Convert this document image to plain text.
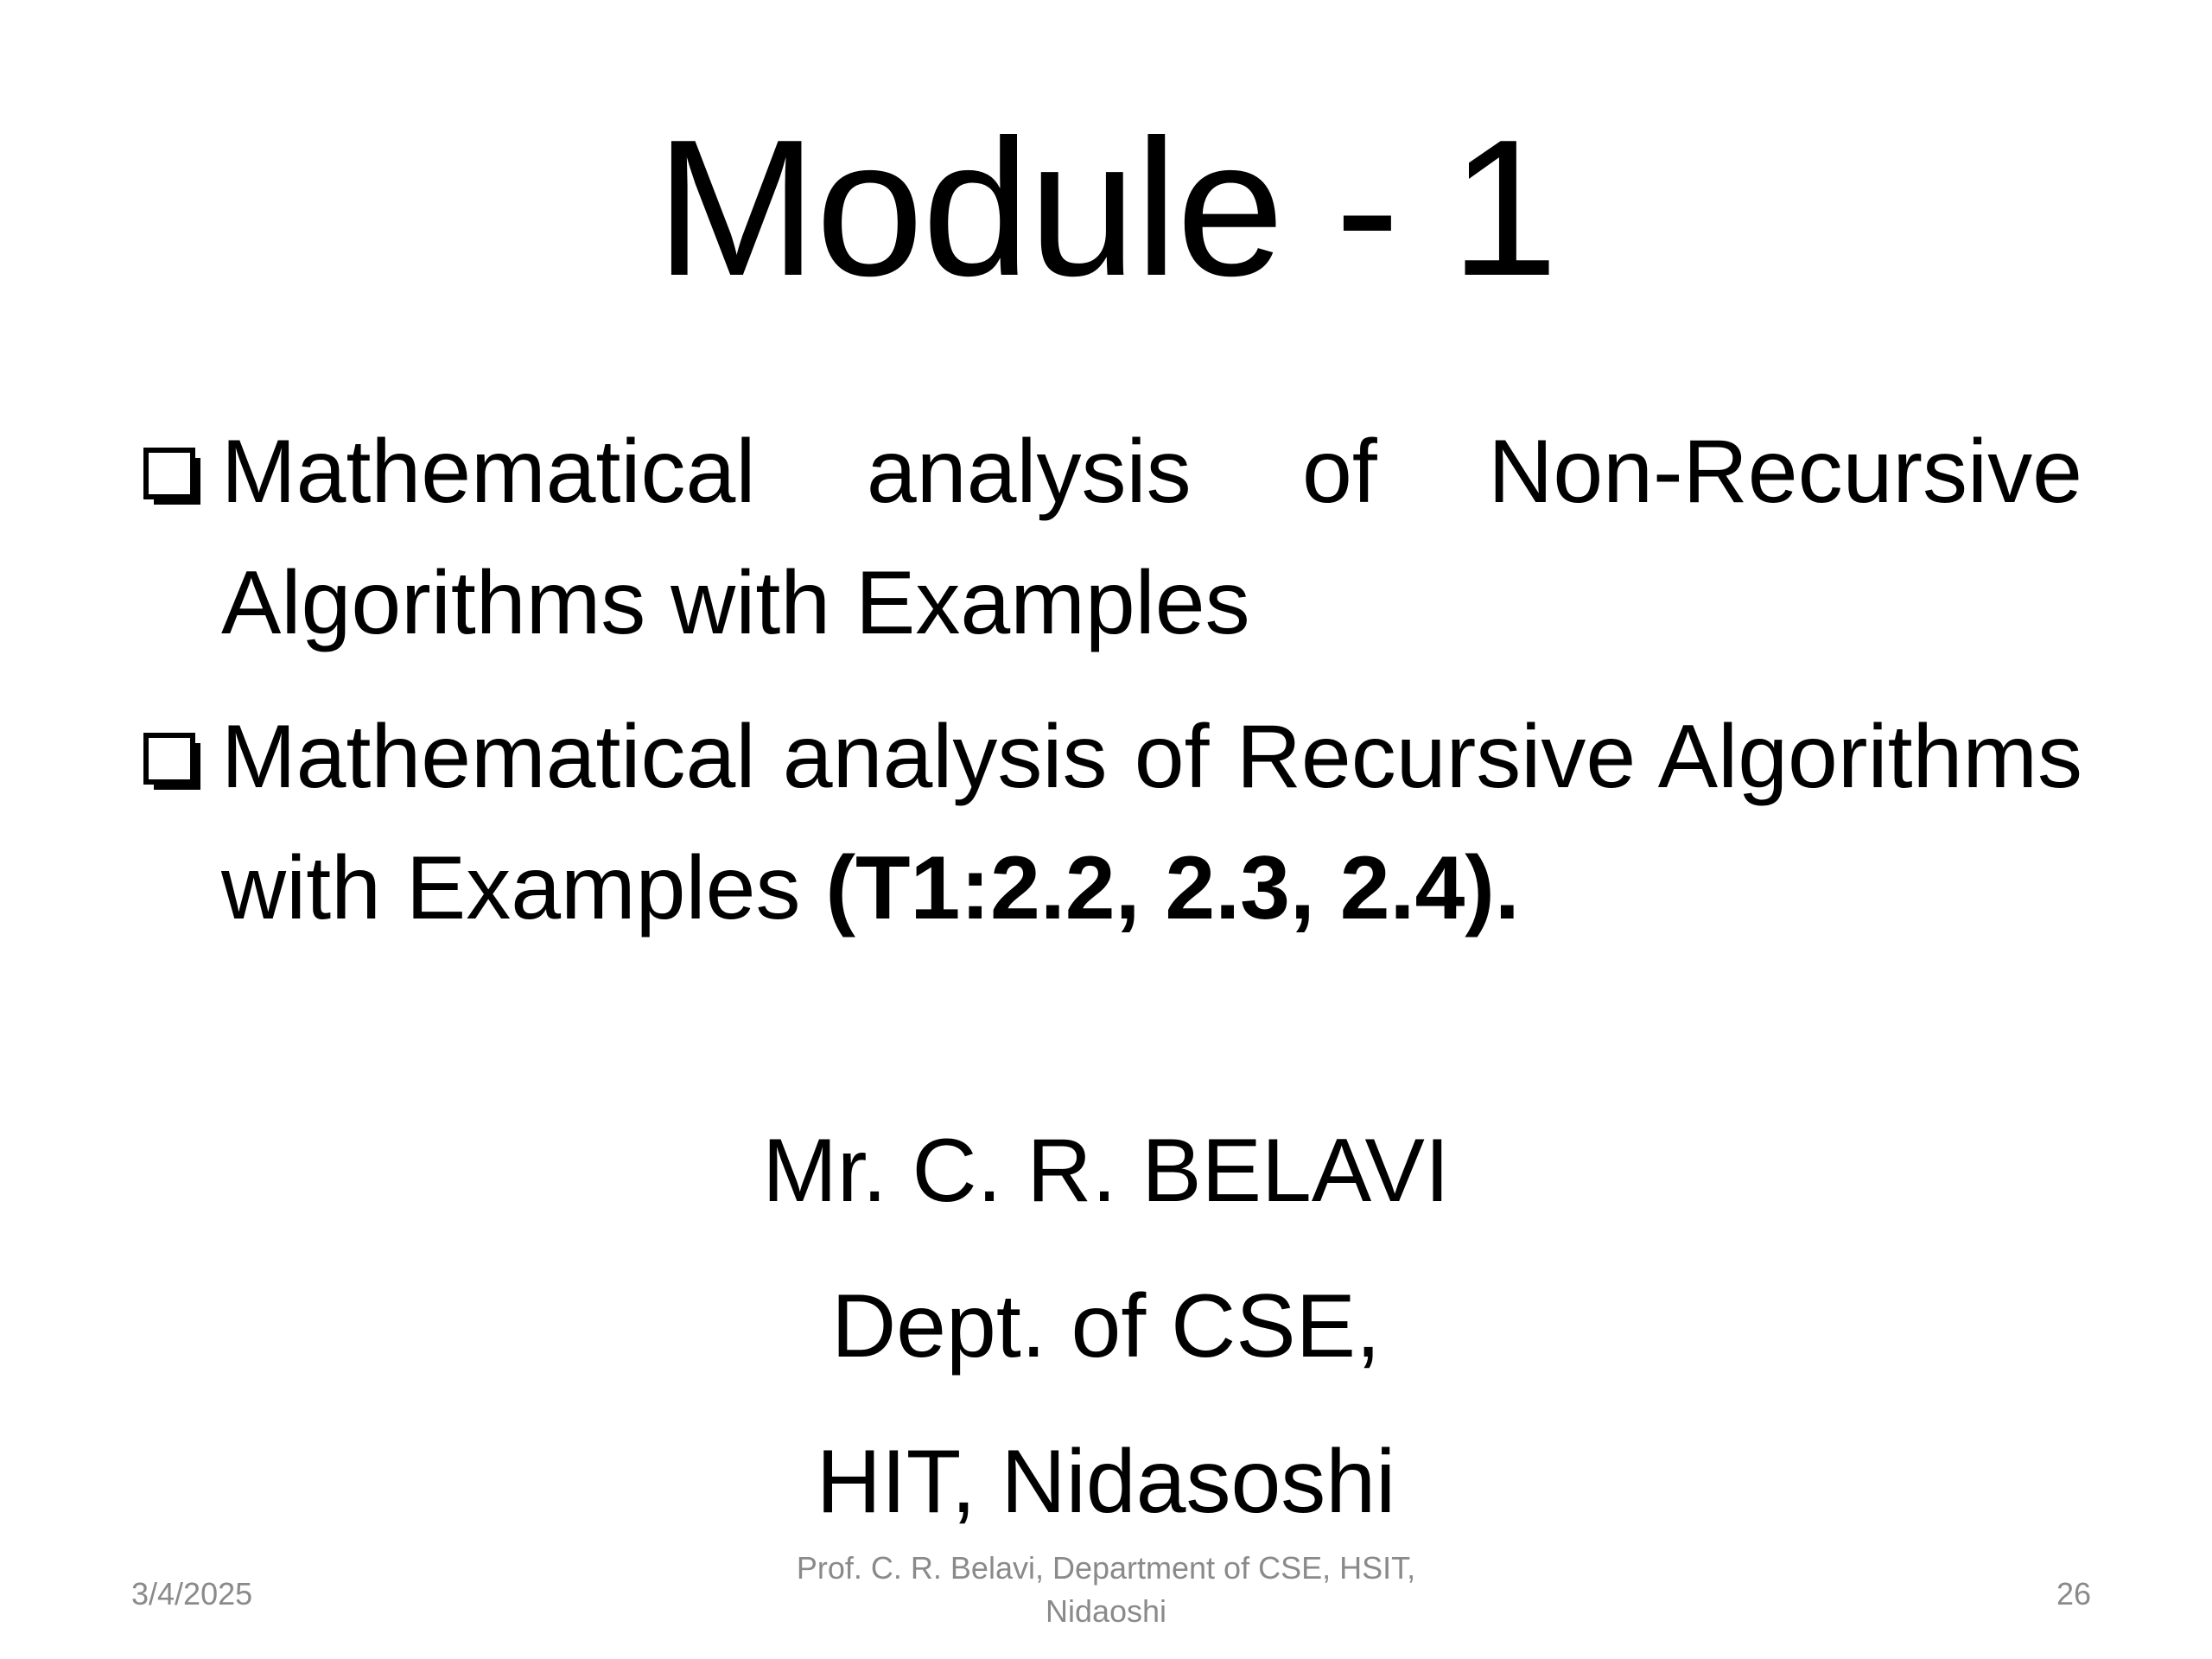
Module - 1
Mathematical analysis of Non-Recursive Algorithms with Examples
Mathematical analysis of Recursive Algorithms with Examples (T1:2.2, 2.3, 2.4).
Mr. C. R. BELAVI
Dept. of CSE,
HIT, Nidasoshi
3/4/2025
Prof. C. R. Belavi, Department of CSE, HSIT,
Nidaoshi	26
